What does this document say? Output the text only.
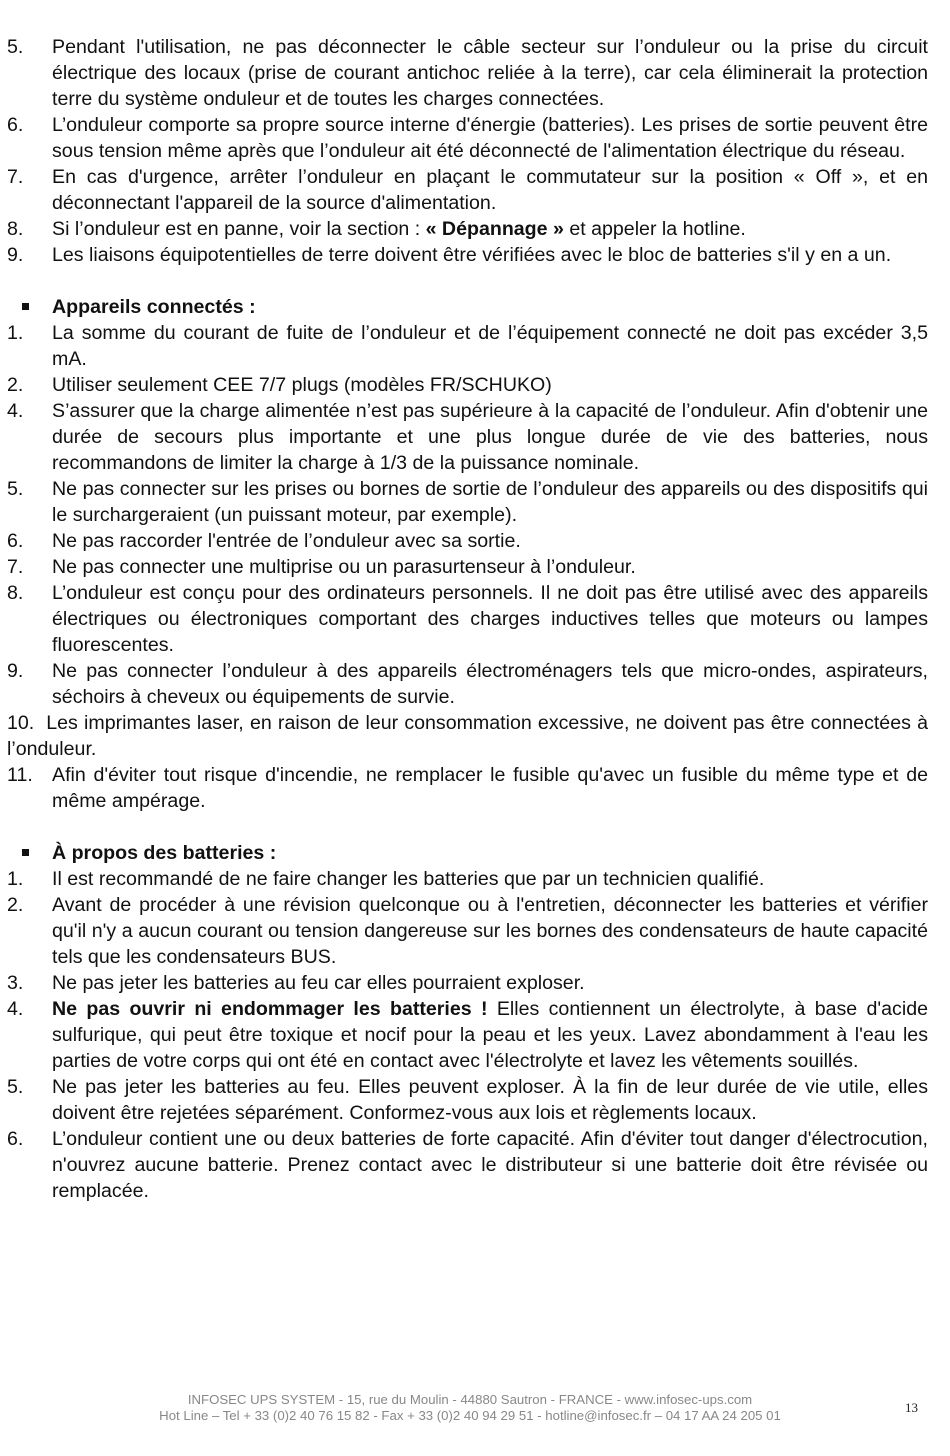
5. Pendant l'utilisation, ne pas déconnecter le câble secteur sur l’onduleur ou la prise du circuit électrique des locaux (prise de courant antichoc reliée à la terre), car cela éliminerait la protection terre du système onduleur et de toutes les charges connectées.

6. L’onduleur comporte sa propre source interne d'énergie (batteries). Les prises de sortie peuvent être sous tension même après que l’onduleur ait été déconnecté de l'alimentation électrique du réseau.

7. En cas d'urgence, arrêter l’onduleur en plaçant le commutateur sur la position « Off », et en déconnectant l'appareil de la source d'alimentation.

8. Si l’onduleur est en panne, voir la section : « Dépannage » et appeler la hotline.

9. Les liaisons équipotentielles de terre doivent être vérifiées avec le bloc de batteries s'il y en a un.

Appareils connectés :

1. La somme du courant de fuite de l’onduleur et de l’équipement connecté ne doit pas excéder 3,5 mA.

2. Utiliser seulement CEE 7/7 plugs (modèles FR/SCHUKO)

4. S’assurer que la charge alimentée n’est pas supérieure à la capacité de l’onduleur. Afin d'obtenir une durée de secours plus importante et une plus longue durée de vie des batteries, nous recommandons de limiter la charge à 1/3 de la puissance nominale.

5. Ne pas connecter sur les prises ou bornes de sortie de l’onduleur des appareils ou des dispositifs qui le surchargeraient (un puissant moteur, par exemple).

6. Ne pas raccorder l'entrée de l’onduleur avec sa sortie.

7. Ne pas connecter une multiprise ou un parasurtenseur à l’onduleur.

8. L’onduleur est conçu pour des ordinateurs personnels. Il ne doit pas être utilisé avec des appareils électriques ou électroniques comportant des charges inductives telles que moteurs ou lampes fluorescentes.

9. Ne pas connecter l’onduleur à des appareils électroménagers tels que micro-ondes, aspirateurs, séchoirs à cheveux ou équipements de survie.

10. Les imprimantes laser, en raison de leur consommation excessive, ne doivent pas être connectées à l’onduleur.

11. Afin d'éviter tout risque d'incendie, ne remplacer le fusible qu'avec un fusible du même type et de même ampérage.

À propos des batteries :

1. Il est recommandé de ne faire changer les batteries que par un technicien qualifié.

2. Avant de procéder à une révision quelconque ou à l'entretien, déconnecter les batteries et vérifier qu'il n'y a aucun courant ou tension dangereuse sur les bornes des condensateurs de haute capacité tels que les condensateurs BUS.

3. Ne pas jeter les batteries au feu car elles pourraient exploser.

4. Ne pas ouvrir ni endommager les batteries ! Elles contiennent un électrolyte, à base d'acide sulfurique, qui peut être toxique et nocif pour la peau et les yeux. Lavez abondamment à l'eau les parties de votre corps qui ont été en contact avec l'électrolyte et lavez les vêtements souillés.

5. Ne pas jeter les batteries au feu. Elles peuvent exploser. À la fin de leur durée de vie utile, elles doivent être rejetées séparément. Conformez-vous aux lois et règlements locaux.

6. L’onduleur contient une ou deux batteries de forte capacité. Afin d'éviter tout danger d'électrocution, n'ouvrez aucune batterie. Prenez contact avec le distributeur si une batterie doit être révisée ou remplacée.

INFOSEC UPS SYSTEM - 15, rue du Moulin - 44880 Sautron - FRANCE - www.infosec-ups.com
Hot Line – Tel + 33 (0)2 40 76 15 82 - Fax + 33 (0)2 40 94 29 51 - hotline@infosec.fr – 04 17 AA 24 205 01
13
